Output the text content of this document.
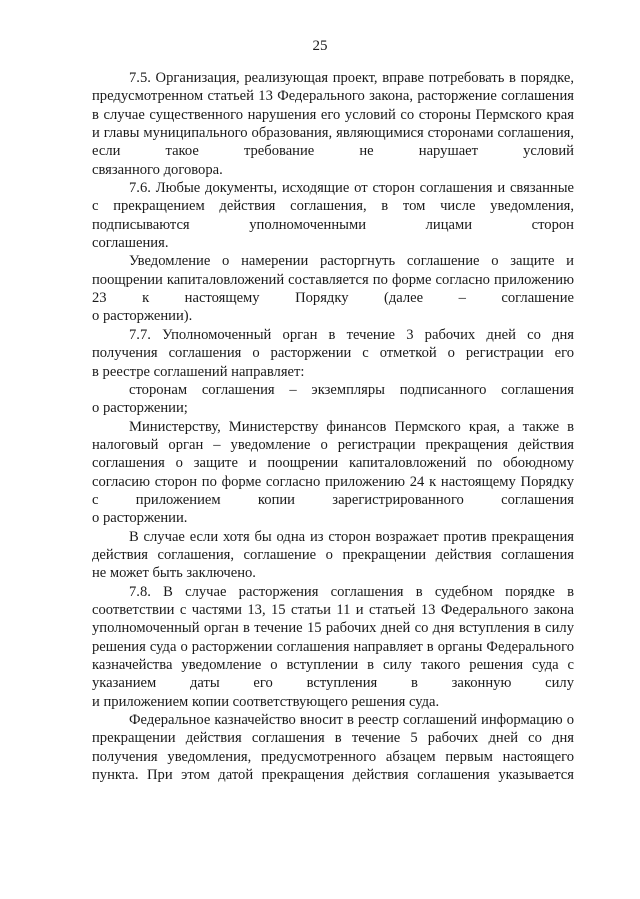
25

7.5. Организация, реализующая проект, вправе потребовать в порядке, предусмотренном статьей 13 Федерального закона, расторжение соглашения в случае существенного нарушения его условий со стороны Пермского края и главы муниципального образования, являющимися сторонами соглашения, если такое требование не нарушает условий
связанного договора.

7.6. Любые документы, исходящие от сторон соглашения и связанные с прекращением действия соглашения, в том числе уведомления, подписываются уполномоченными лицами сторон
соглашения.

Уведомление о намерении расторгнуть соглашение о защите и поощрении капиталовложений составляется по форме согласно приложению 23 к настоящему Порядку (далее – соглашение
о расторжении).

7.7. Уполномоченный орган в течение 3 рабочих дней со дня получения соглашения о расторжении с отметкой о регистрации его
в реестре соглашений направляет:

сторонам соглашения – экземпляры подписанного соглашения
о расторжении;

Министерству, Министерству финансов Пермского края, а также в налоговый орган – уведомление о регистрации прекращения действия соглашения о защите и поощрении капиталовложений по обоюдному согласию сторон по форме согласно приложению 24 к настоящему Порядку с приложением копии зарегистрированного соглашения
о расторжении.

В случае если хотя бы одна из сторон возражает против прекращения действия соглашения, соглашение о прекращении действия соглашения
не может быть заключено.

7.8. В случае расторжения соглашения в судебном порядке в соответствии с частями 13, 15 статьи 11 и статьей 13 Федерального закона уполномоченный орган в течение 15 рабочих дней со дня вступления в силу решения суда о расторжении соглашения направляет в органы Федерального казначейства уведомление о вступлении в силу такого решения суда с указанием даты его вступления в законную силу
и приложением копии соответствующего решения суда.

Федеральное казначейство вносит в реестр соглашений информацию о прекращении действия соглашения в течение 5 рабочих дней со дня получения уведомления, предусмотренного абзацем первым настоящего пункта. При этом датой прекращения действия соглашения указывается
